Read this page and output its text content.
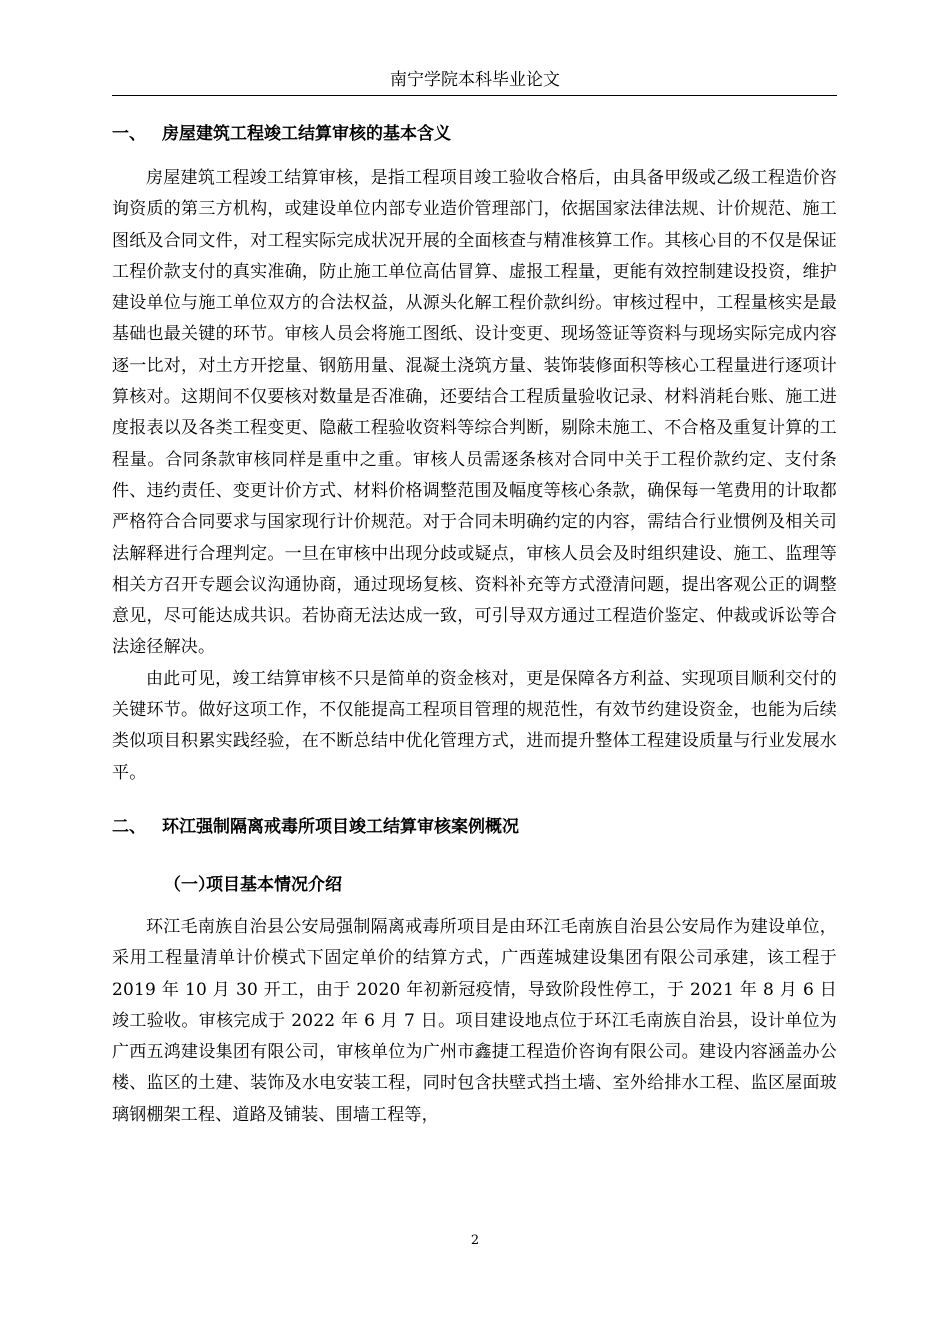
南宁学院本科毕业论文
一、 房屋建筑工程竣工结算审核的基本含义

房屋建筑工程竣工结算审核，是指工程项目竣工验收合格后，由具备甲级或乙级工程造价咨询资质的第三方机构，或建设单位内部专业造价管理部门，依据国家法律法规、计价规范、施工图纸及合同文件，对工程实际完成状况开展的全面核查与精准核算工作。其核心目的不仅是保证工程价款支付的真实准确，防止施工单位高估冒算、虚报工程量，更能有效控制建设投资，维护建设单位与施工单位双方的合法权益，从源头化解工程价款纠纷。审核过程中，工程量核实是最基础也最关键的环节。审核人员会将施工图纸、设计变更、现场签证等资料与现场实际完成内容逐一比对，对土方开挖量、钢筋用量、混凝土浇筑方量、装饰装修面积等核心工程量进行逐项计算核对。这期间不仅要核对数量是否准确，还要结合工程质量验收记录、材料消耗台账、施工进度报表以及各类工程变更、隐蔽工程验收资料等综合判断，剔除未施工、不合格及重复计算的工程量。合同条款审核同样是重中之重。审核人员需逐条核对合同中关于工程价款约定、支付条件、违约责任、变更计价方式、材料价格调整范围及幅度等核心条款，确保每一笔费用的计取都严格符合合同要求与国家现行计价规范。对于合同未明确约定的内容，需结合行业惯例及相关司法解释进行合理判定。一旦在审核中出现分歧或疑点，审核人员会及时组织建设、施工、监理等相关方召开专题会议沟通协商，通过现场复核、资料补充等方式澄清问题，提出客观公正的调整意见，尽可能达成共识。若协商无法达成一致，可引导双方通过工程造价鉴定、仲裁或诉讼等合法途径解决。

由此可见，竣工结算审核不只是简单的资金核对，更是保障各方利益、实现项目顺利交付的关键环节。做好这项工作，不仅能提高工程项目管理的规范性，有效节约建设资金，也能为后续类似项目积累实践经验，在不断总结中优化管理方式，进而提升整体工程建设质量与行业发展水平。

二、 环江强制隔离戒毒所项目竣工结算审核案例概况
（一）
项目基本情况介绍

环江毛南族自治县公安局强制隔离戒毒所项目是由环江毛南族自治县公安局作为建设单位，采用工程量清单计价模式下固定单价的结算方式，广西莲城建设集团有限公司承建，该工程于 2019 年 10 月 30 开工，由于 2020 年初新冠疫情，导致阶段性停工，于 2021 年 8 月 6 日竣工验收。审核完成于 2022 年 6 月 7 日。项目建设地点位于环江毛南族自治县，设计单位为广西五鸿建设集团有限公司，审核单位为广州市鑫捷工程造价咨询有限公司。建设内容涵盖办公楼、监区的土建、装饰及水电安装工程，同时包含扶壁式挡土墙、室外给排水工程、监区屋面玻璃钢棚架工程、道路及铺装、围墙工程等，

2
